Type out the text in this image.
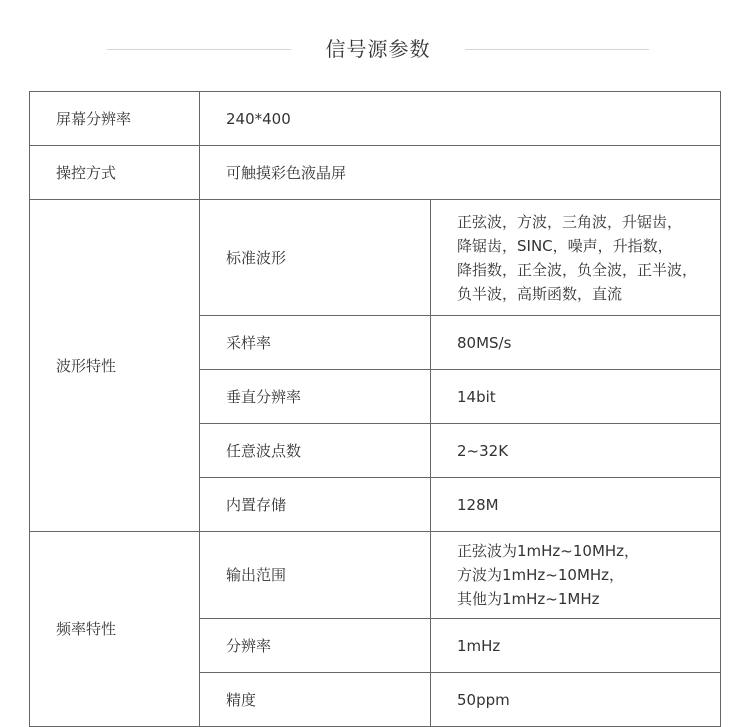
信号源参数
屏幕分辨率	240*400	
操控方式	可触摸彩色液晶屏	
波形特性	标准波形	正弦波，方波，三角波，升锯齿，
降锯齿，SINC，噪声，升指数，
降指数，正全波，负全波，正半波，
负半波，高斯函数，直流

	采样率	80MS/s
	垂直分辨率	14bit
	任意波点数	2~32K
	内置存储	128M
频率特性	输出范围	正弦波为1mHz~10MHz，
方波为1mHz~10MHz，
其他为1mHz~1MHz

	分辨率	1mHz
	精度	50ppm
